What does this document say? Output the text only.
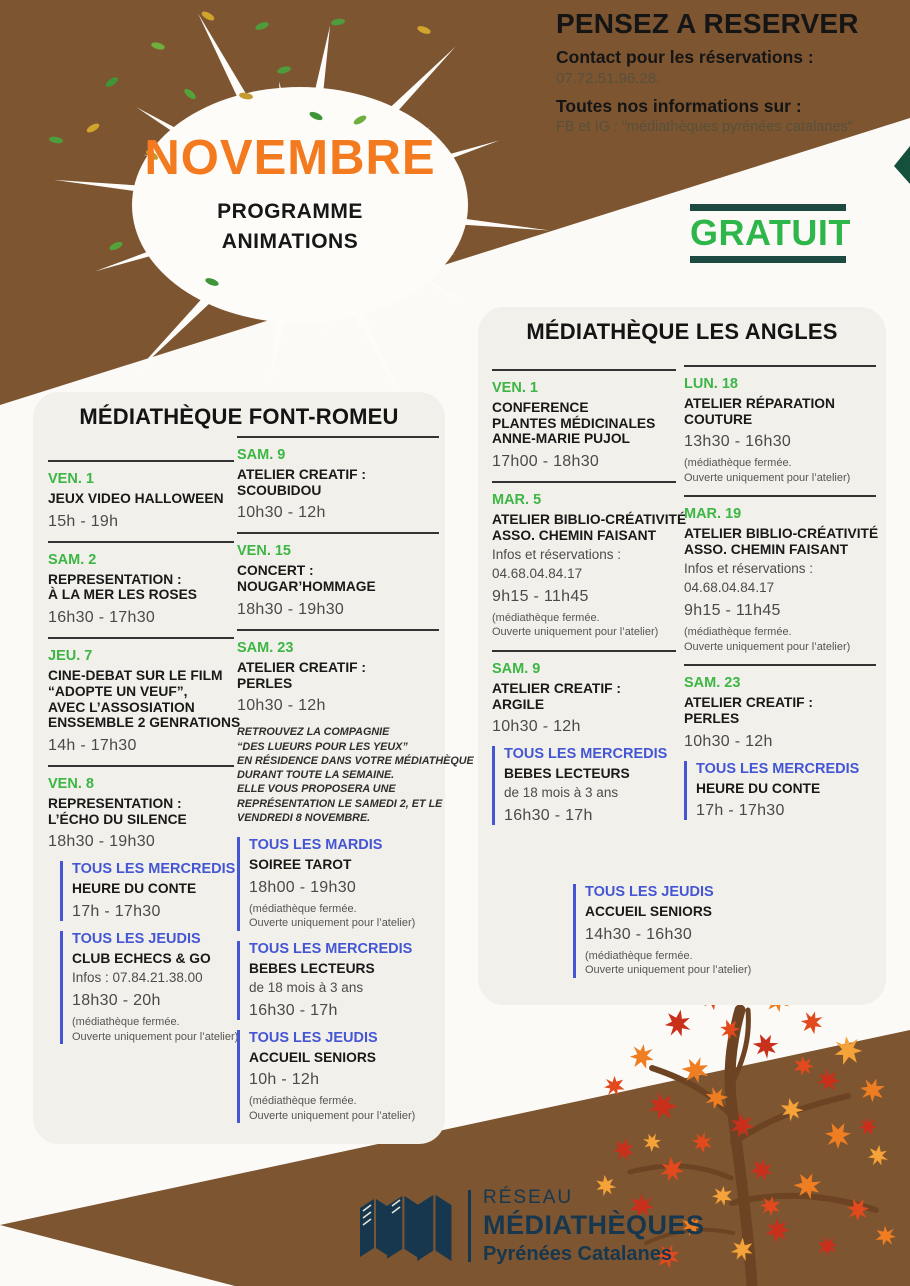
NOVEMBRE
PROGRAMME
ANIMATIONS
PENSEZ A RESERVER
Contact pour les réservations :
07.72.51.96.28.
Toutes nos informations sur :
FB et IG : “médiathèques pyrénées catalanes”
GRATUIT
MÉDIATHÈQUE FONT-ROMEU
VEN. 1
JEUX VIDEO HALLOWEEN
15h - 19h
SAM. 2
REPRESENTATION :
À LA MER LES ROSES
16h30 - 17h30
JEU. 7
CINE-DEBAT SUR LE FILM
“ADOPTE UN VEUF”,
AVEC L’ASSOSIATION
ENSSEMBLE 2 GENRATIONS
14h - 17h30
VEN. 8
REPRESENTATION :
L’ÉCHO DU SILENCE
18h30 - 19h30
TOUS LES MERCREDIS
HEURE DU CONTE
17h - 17h30
TOUS LES JEUDIS
CLUB ECHECS & GO
Infos : 07.84.21.38.00
18h30 - 20h
(médiathèque fermée.
Ouverte uniquement pour l’atelier)
SAM. 9
ATELIER CREATIF :
SCOUBIDOU
10h30 - 12h
VEN. 15
CONCERT :
NOUGAR’HOMMAGE
18h30 - 19h30
SAM. 23
ATELIER CREATIF :
PERLES
10h30 - 12h
RETROUVEZ LA COMPAGNIE
“DES LUEURS POUR LES YEUX”
EN RÉSIDENCE DANS VOTRE MÉDIATHÈQUE
DURANT TOUTE LA SEMAINE.
ELLE VOUS PROPOSERA UNE
REPRÉSENTATION LE SAMEDI 2, ET LE
VENDREDI 8 NOVEMBRE.
TOUS LES MARDIS
SOIREE TAROT
18h00 - 19h30
(médiathèque fermée.
Ouverte uniquement pour l’atelier)
TOUS LES MERCREDIS
BEBES LECTEURS
de 18 mois à 3 ans
16h30 - 17h
TOUS LES JEUDIS
ACCUEIL SENIORS
10h - 12h
(médiathèque fermée.
Ouverte uniquement pour l’atelier)
MÉDIATHÈQUE LES ANGLES
VEN. 1
CONFERENCE
PLANTES MÉDICINALES
ANNE-MARIE PUJOL
17h00 - 18h30
MAR. 5
ATELIER BIBLIO-CRÉATIVITÉ
ASSO. CHEMIN FAISANT
Infos et réservations :
04.68.04.84.17
9h15 - 11h45
(médiathèque fermée.
Ouverte uniquement pour l’atelier)
SAM. 9
ATELIER CREATIF :
ARGILE
10h30 - 12h
TOUS LES MERCREDIS
BEBES LECTEURS
de 18 mois à 3 ans
16h30 - 17h
LUN. 18
ATELIER RÉPARATION
COUTURE
13h30 - 16h30
(médiathèque fermée.
Ouverte uniquement pour l’atelier)
MAR. 19
ATELIER BIBLIO-CRÉATIVITÉ
ASSO. CHEMIN FAISANT
Infos et réservations :
04.68.04.84.17
9h15 - 11h45
(médiathèque fermée.
Ouverte uniquement pour l’atelier)
SAM. 23
ATELIER CREATIF :
PERLES
10h30 - 12h
TOUS LES MERCREDIS
HEURE DU CONTE
17h - 17h30
TOUS LES JEUDIS
ACCUEIL SENIORS
14h30 - 16h30
(médiathèque fermée.
Ouverte uniquement pour l’atelier)
RÉSEAU
MÉDIATHÈQUES
Pyrénées Catalanes
